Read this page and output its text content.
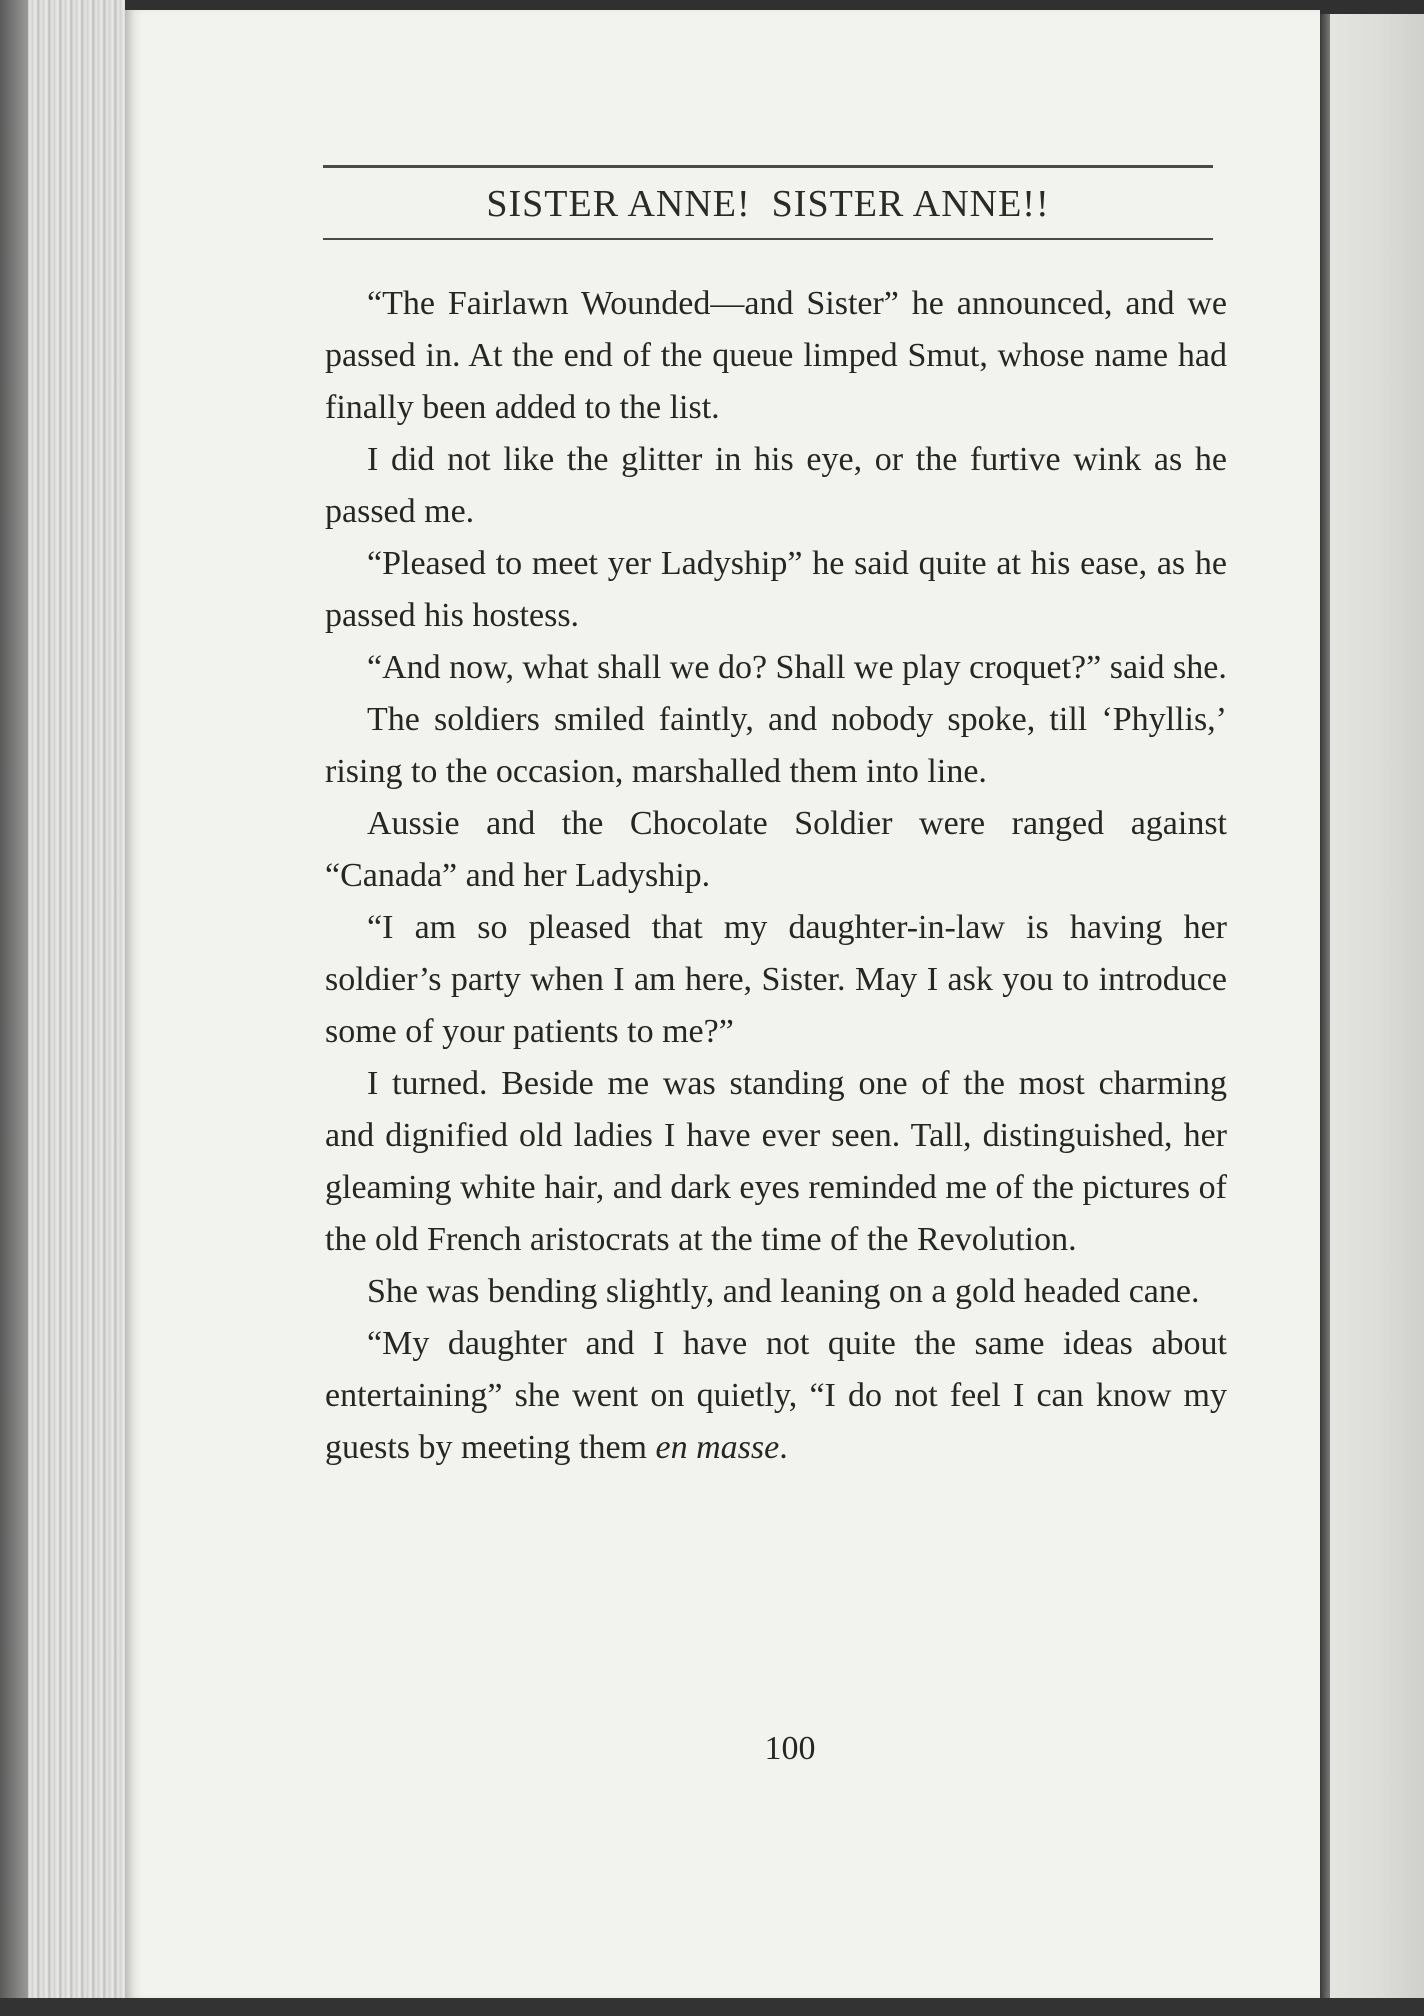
SISTER ANNE!  SISTER ANNE!!

“The Fairlawn Wounded—and Sister” he announced, and we passed in. At the end of the queue limped Smut, whose name had finally been added to the list.

I did not like the glitter in his eye, or the furtive wink as he passed me.

“Pleased to meet yer Ladyship” he said quite at his ease, as he passed his hostess.

“And now, what shall we do? Shall we play croquet?” said she.

The soldiers smiled faintly, and nobody spoke, till ‘Phyllis,’ rising to the occasion, marshalled them into line.

Aussie and the Chocolate Soldier were ranged against “Canada” and her Ladyship.

“I am so pleased that my daughter-in-law is having her soldier’s party when I am here, Sister. May I ask you to introduce some of your patients to me?”

I turned. Beside me was standing one of the most charming and dignified old ladies I have ever seen. Tall, distinguished, her gleaming white hair, and dark eyes reminded me of the pictures of the old French aristocrats at the time of the Revolution.

She was bending slightly, and leaning on a gold headed cane.

“My daughter and I have not quite the same ideas about entertaining” she went on quietly, “I do not feel I can know my guests by meeting them en masse.

100
